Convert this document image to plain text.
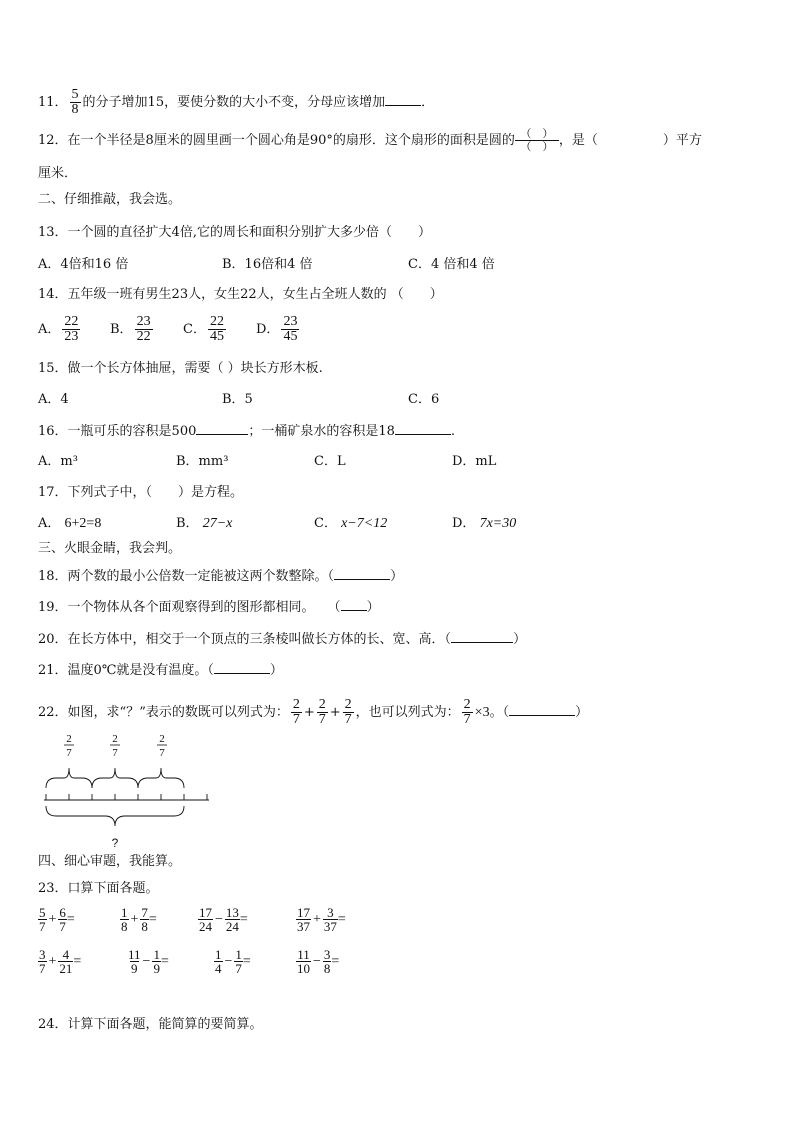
11． $\frac{5}{8}$ 的分子增加15，要使分数的大小不变，分母应该增加	．
12．在一个半径是8厘米的圆里画一个圆心角是90°的扇形．这个扇形的面积是圆的 $\frac{( )}{( )}$ ，是（　　　　　）平方
厘米．
二、仔细推敲，我会选。
13．一个圆的直径扩大4倍,它的周长和面积分别扩大多少倍（　　）
A．4倍和16 倍	B．16倍和4 倍	C．4 倍和4 倍
14．五年级一班有男生23人，女生22人，女生占全班人数的 （　　）
A． $\frac{22}{23}$ B． $\frac{23}{22}$ C． $\frac{22}{45}$ D． $\frac{23}{45}$
15．做一个长方体抽屉，需要（ ）块长方形木板.
A．4	B．5	C．6
16．一瓶可乐的容积是500	；一桶矿泉水的容积是18	.
A．m³	B．mm³	C．L	D．mL
17．下列式子中，（　　）是方程。
A． 6+2=8	B． 27−x	C． x−7<12	D． 7x=30
三、火眼金睛，我会判。
18．两个数的最小公倍数一定能被这两个数整除。（	）
19．一个物体从各个面观察得到的图形都相同。　　（ ）
20．在长方体中，相交于一个顶点的三条棱叫做长方体的长、宽、高．（	）
21．温度0℃就是没有温度。（	）
22．如图，求“？”表示的数既可以列式为： $\frac{2}{7} + \frac{2}{7} + \frac{2}{7}$ ，也可以列式为： $\frac{2}{7} \times 3$。（	）
2
7
2
7
2
7
?
四、细心审题，我能算。
23．口算下面各题。
$\frac{5}{7} + \frac{6}{7}$ =	$\frac{1}{8} + \frac{7}{8}$ =	$\frac{17}{24} - \frac{13}{24}$ =	$\frac{17}{37} + \frac{3}{37}$ =
$\frac{3}{7} + \frac{4}{21}$ =	$\frac{11}{9} - \frac{1}{9}$ =	$\frac{1}{4} - \frac{1}{7}$ =	$\frac{11}{10} - \frac{3}{8}$ =
24．计算下面各题，能简算的要简算。
